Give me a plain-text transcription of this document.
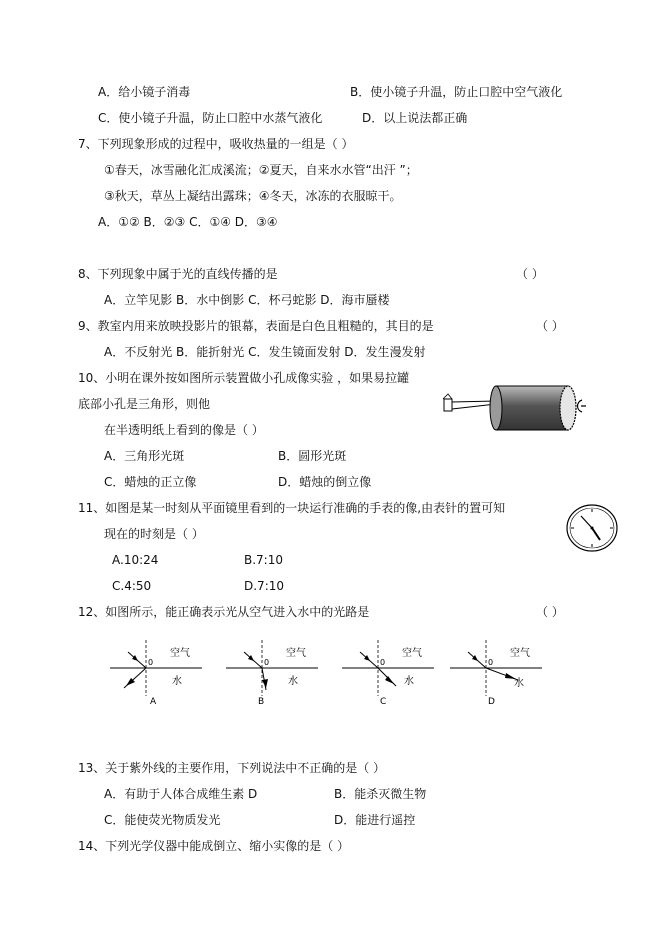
A．给小镜子消毒	B．使小镜子升温，防止口腔中空气液化
C．使小镜子升温，防止口腔中水蒸气液化	D．以上说法都正确
7、下列现象形成的过程中，吸收热量的一组是（ ）
①春天，冰雪融化汇成溪流；②夏天，自来水水管“出汗 ”；
③秋天，草丛上凝结出露珠；④冬天，冰冻的衣服晾干。
A．①② B．②③ C．①④ D．③④
8、下列现象中属于光的直线传播的是	（ ）
A．立竿见影 B．水中倒影 C．杯弓蛇影 D．海市蜃楼
9、教室内用来放映投影片的银幕，表面是白色且粗糙的，其目的是	（ ）
A．不反射光 B．能折射光 C．发生镜面发射 D．发生漫发射
10、小明在课外按如图所示装置做小孔成像实验 ，如果易拉罐
底部小孔是三角形，则他
在半透明纸上看到的像是（ ）
A．三角形光斑	B．圆形光斑
C．蜡烛的正立像	D．蜡烛的倒立像
11、如图是某一时刻从平面镜里看到的一块运行准确的手表的像,由表针的置可知
现在的时刻是（ ）
A.10:24	B.7:10
C.4:50	D.7:10
12、如图所示，能正确表示光从空气进入水中的光路是	（ ）
0
空气
水
A
0
空气
水
B
0
空气
水
C
0
空气
水
D
13、关于紫外线的主要作用，下列说法中不正确的是（ ）
A．有助于人体合成维生素 D	B．能杀灭微生物
C．能使荧光物质发光	D．能进行遥控
14、下列光学仪器中能成倒立、缩小实像的是（ ）
